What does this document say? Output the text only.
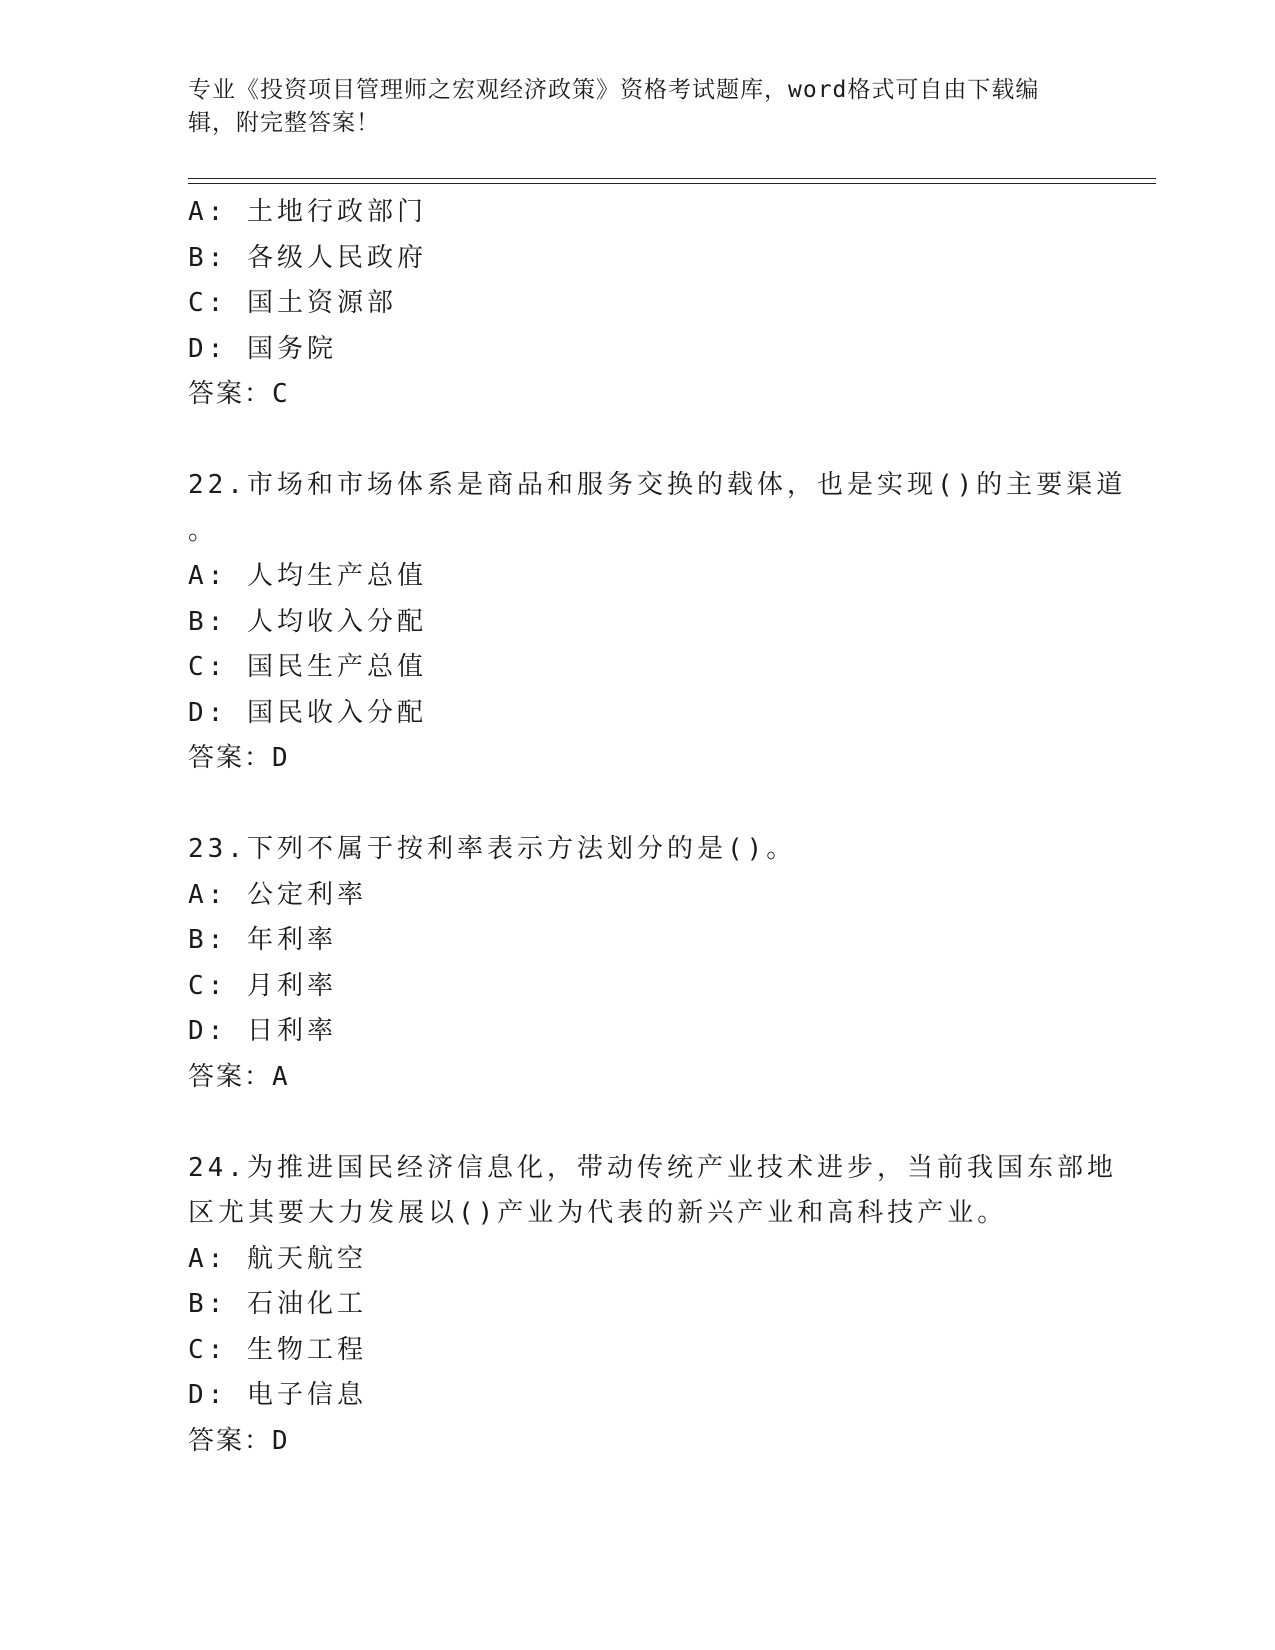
专业《投资项目管理师之宏观经济政策》资格考试题库，word格式可自由下载编
辑，附完整答案！
A: 土地行政部门
B: 各级人民政府
C: 国土资源部
D: 国务院
答案：C
22.市场和市场体系是商品和服务交换的载体，也是实现()的主要渠道
。
A: 人均生产总值
B: 人均收入分配
C: 国民生产总值
D: 国民收入分配
答案：D
23.下列不属于按利率表示方法划分的是()。
A: 公定利率
B: 年利率
C: 月利率
D: 日利率
答案：A
24.为推进国民经济信息化，带动传统产业技术进步，当前我国东部地
区尤其要大力发展以()产业为代表的新兴产业和高科技产业。
A: 航天航空
B: 石油化工
C: 生物工程
D: 电子信息
答案：D
